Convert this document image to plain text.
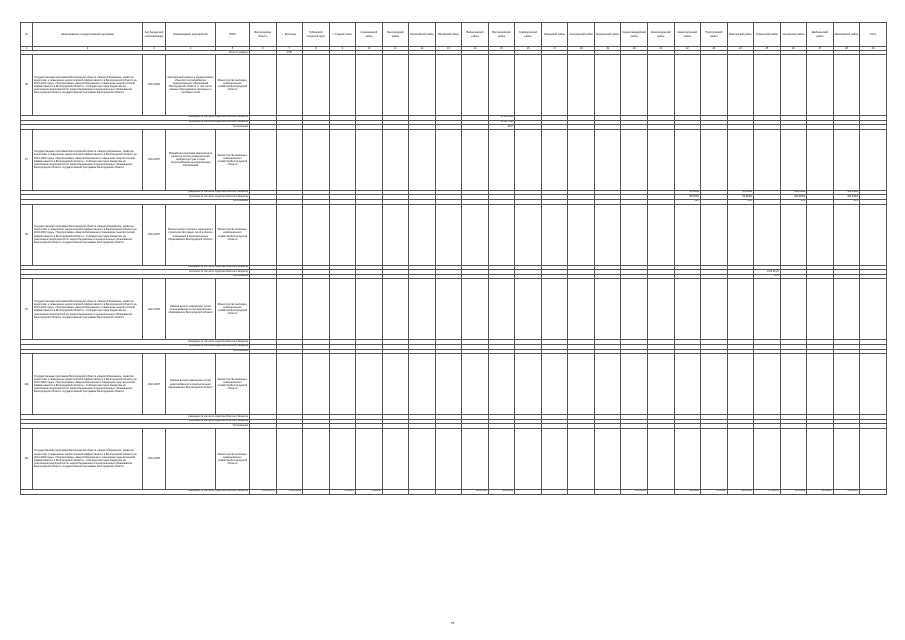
№	Наименование государственной программы	Код бюджетной классификации	Наименование мероприятия	ГРБС	Белгородская область	г. Белгород	Губкинский городской округ	г. Старый Оскол	Алексеевский район	Белгородский район	Борисовский район	Валуйский район	Вейделевский район	Волоконовский район	Грайворонский район	Ивнянский район	Корочанский район	Красненский район	Красногвардейский район	Краснояружский район	Новооскольский район	Прохоровский район	Ракитянский район	Ровеньской район	Чернянский район	Шебекинский район	Яковлевский район	Итого
1	2	3	4	5	6	7	8	9	10	11	12	13	14	15	16	17	18	19	20	21	22	23	24	25	26	27	28	29
Итого по разделу						4750																						
95	Государственная программа Белгородской области «Энергосбережение, развитие энергетики и повышение энергетической эффективности в Белгородской области на 2014-2020 годы». Подпрограмма «Энергосбережение и повышение энергетической эффективности в Белгородской области». Субсидии местным бюджетам на реализацию мероприятий по энергосбережению в муниципальных образованиях Белгородской области государственной программы Белгородской области	0114 2002	Капитальный ремонт и модернизация объектов теплоснабжения муниципальных образований Белгородской области, в том числе замена оборудования котельных и тепловых сетей	Министерство жилищно-коммунального хозяйства Белгородской области																								
утверждено (в том числе средства областного бюджета)														22 644 4938														
исполнено (в том числе средства областного бюджета)														22 497 7998														
% исполнения														99,07														
97	Государственная программа Белгородской области «Энергосбережение, развитие энергетики и повышение энергетической эффективности в Белгородской области на 2014-2020 годы». Подпрограмма «Энергосбережение и повышение энергетической эффективности в Белгородской области». Субсидии местным бюджетам на реализацию мероприятий по энергосбережению в муниципальных образованиях Белгородской области государственной программы Белгородской области	0114 2007	Разработка программ комплексного развития систем коммунальной инфраструктуры и схем теплоснабжения муниципальных образований	Министерство жилищно-коммунального хозяйства Белгородской области																								
утверждено (в том числе средства областного бюджета)																					96,18000		96,18000		296,18000		488,00000	
исполнено (в том числе средства областного бюджета)																					85,00000		85,82000		284,00000		396,94000	
% исполнения																					88,4		89,2		95,9		81,3	
99	Государственная программа Белгородской области «Энергосбережение, развитие энергетики и повышение энергетической эффективности в Белгородской области на 2014-2020 годы». Подпрограмма «Энергосбережение и повышение энергетической эффективности в Белгородской области». Субсидии местным бюджетам на реализацию мероприятий по энергосбережению в муниципальных образованиях Белгородской области государственной программы Белгородской области	0114 2007	Реконструкция уличного освещения и строительство новых сетей уличного освещения в муниципальных образованиях Белгородской области	Министерство жилищно-коммунального хозяйства Белгородской области																								
утверждено (в том числе средства областного бюджета)																												
исполнено (в том числе средства областного бюджета)																								1 014 04,06				
% исполнения																								99,9				
97	Государственная программа Белгородской области «Энергосбережение, развитие энергетики и повышение энергетической эффективности в Белгородской области на 2014-2020 годы». Подпрограмма «Энергосбережение и повышение энергетической эффективности в Белгородской области». Субсидии местным бюджетам на реализацию мероприятий по энергосбережению в муниципальных образованиях Белгородской области государственной программы Белгородской области	0114 2003	Замена ветхих инженерных сетей теплоснабжения в муниципальных образованиях Белгородской области	Министерство жилищно-коммунального хозяйства Белгородской области																								
утверждено (в том числе средства областного бюджета)																												
исполнено (в том числе средства областного бюджета)																												
% исполнения																												
100	Государственная программа Белгородской области «Энергосбережение, развитие энергетики и повышение энергетической эффективности в Белгородской области на 2014-2020 годы». Подпрограмма «Энергосбережение и повышение энергетической эффективности в Белгородской области». Субсидии местным бюджетам на реализацию мероприятий по энергосбережению в муниципальных образованиях Белгородской области государственной программы Белгородской области	0114 2007	Замена ветхих инженерных сетей водоснабжения в муниципальных образованиях Белгородской области	Министерство жилищно-коммунального хозяйства Белгородской области																								
утверждено (в том числе средства областного бюджета)																												
исполнено (в том числе средства областного бюджета)																												
% исполнения																												
101	Государственная программа Белгородской области «Энергосбережение, развитие энергетики и повышение энергетической эффективности в Белгородской области на 2014-2020 годы». Подпрограмма «Энергосбережение и повышение энергетической эффективности в Белгородской области». Субсидии местным бюджетам на реализацию мероприятий по энергосбережению в муниципальных образованиях Белгородской области государственной программы Белгородской области	0114 2006		Министерство жилищно-коммунального хозяйства Белгородской области																								
утверждено (в том числе средства областного бюджета)					3 000,00000	1 021,00000		20,00000	15,00000				620,00000	460,00000					250,00000		50,00000	25,00000	120,00000	175,00000	115,00000	150,00000	150,00000	
78
